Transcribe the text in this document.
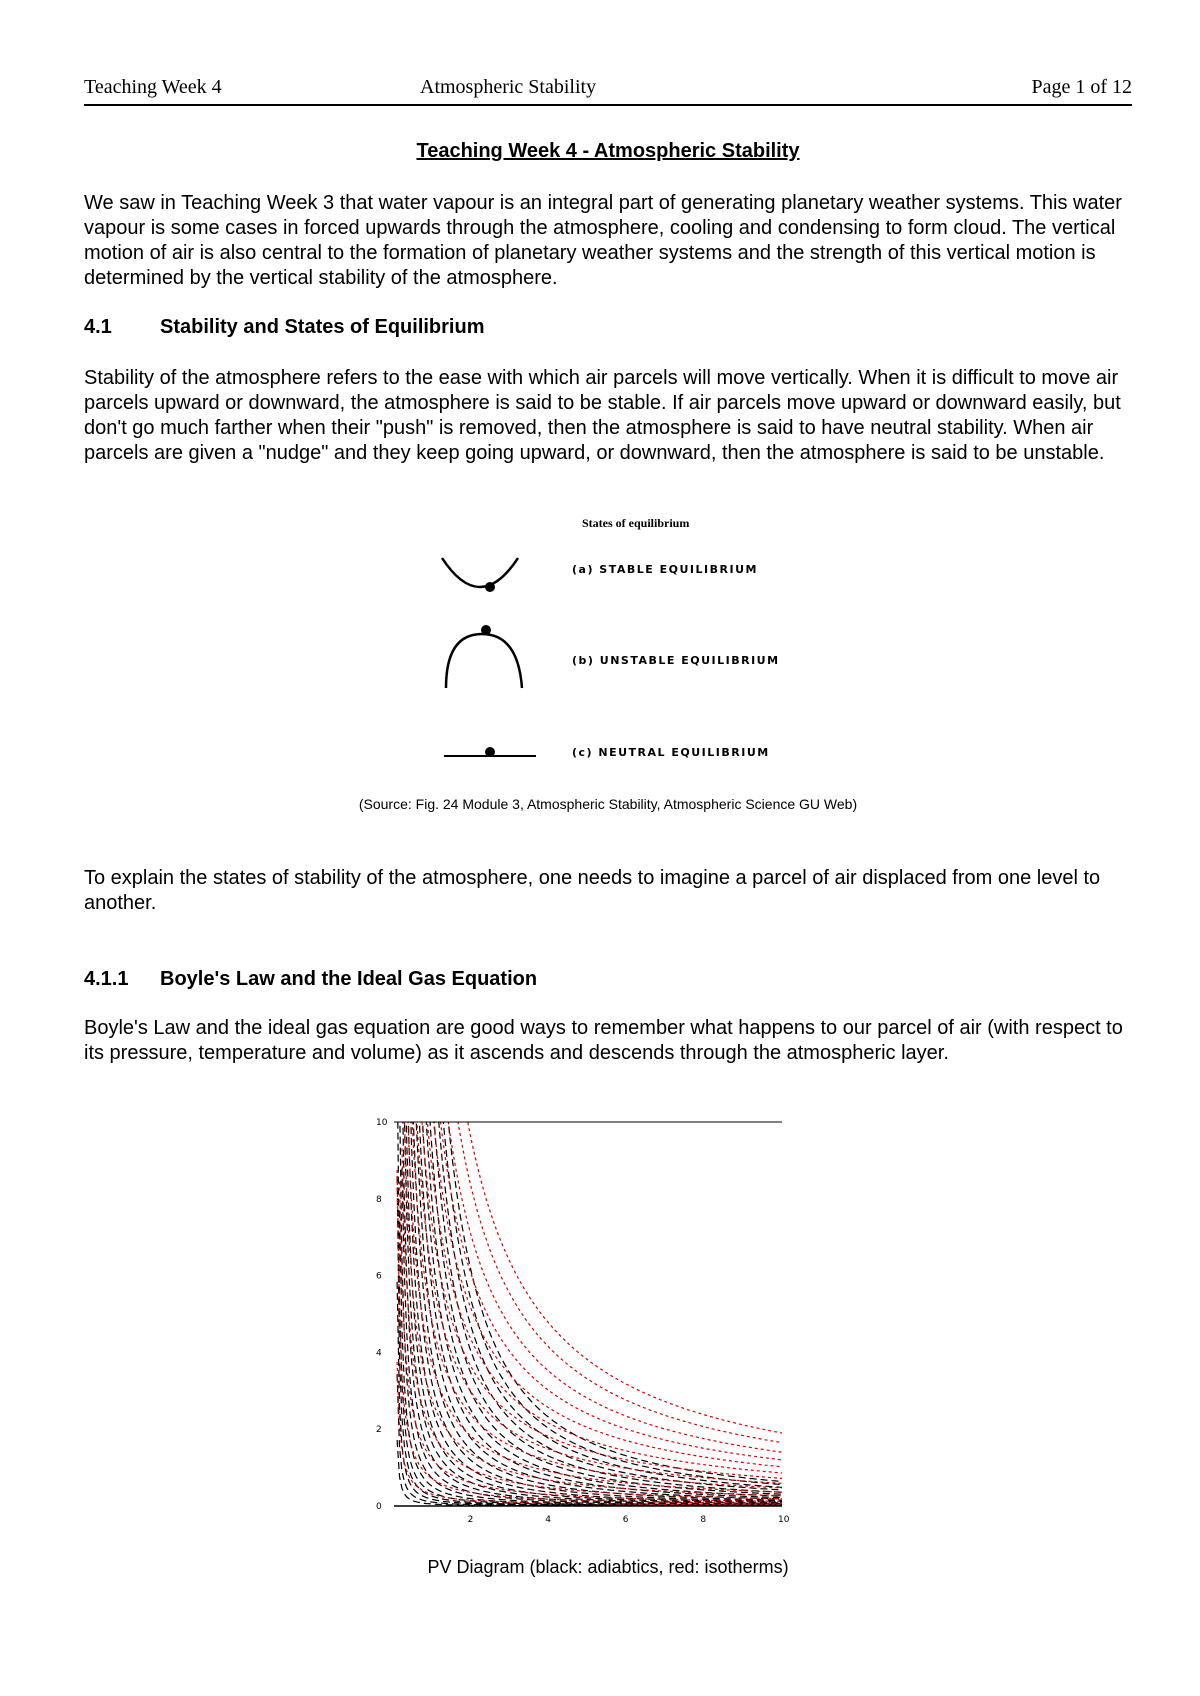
Teaching Week 4	Atmospheric Stability	Page 1 of 12
Teaching Week 4 - Atmospheric Stability

We saw in Teaching Week 3 that water vapour is an integral part of generating planetary weather systems. This water vapour is some cases in forced upwards through the atmosphere, cooling and condensing to form cloud. The vertical motion of air is also central to the formation of planetary weather systems and the strength of this vertical motion is determined by the vertical stability of the atmosphere.

4.1 Stability and States of Equilibrium

Stability of the atmosphere refers to the ease with which air parcels will move vertically. When it is difficult to move air parcels upward or downward, the atmosphere is said to be stable. If air parcels move upward or downward easily, but don't go much farther when their "push" is removed, then the atmosphere is said to have neutral stability. When air parcels are given a "nudge" and they keep going upward, or downward, then the atmosphere is said to be unstable.

States of equilibrium
(a) STABLE EQUILIBRIUM
(b) UNSTABLE EQUILIBRIUM
(c) NEUTRAL EQUILIBRIUM
(Source: Fig. 24 Module 3, Atmospheric Stability, Atmospheric Science GU Web)

To explain the states of stability of the atmosphere, one needs to imagine a parcel of air displaced from one level to another.

4.1.1 Boyle's Law and the Ideal Gas Equation

Boyle's Law and the ideal gas equation are good ways to remember what happens to our parcel of air (with respect to its pressure, temperature and volume) as it ascends and descends through the atmospheric layer.

0
2
4
6
8
10
2	4	6	8	10
PV Diagram (black: adiabtics, red: isotherms)
